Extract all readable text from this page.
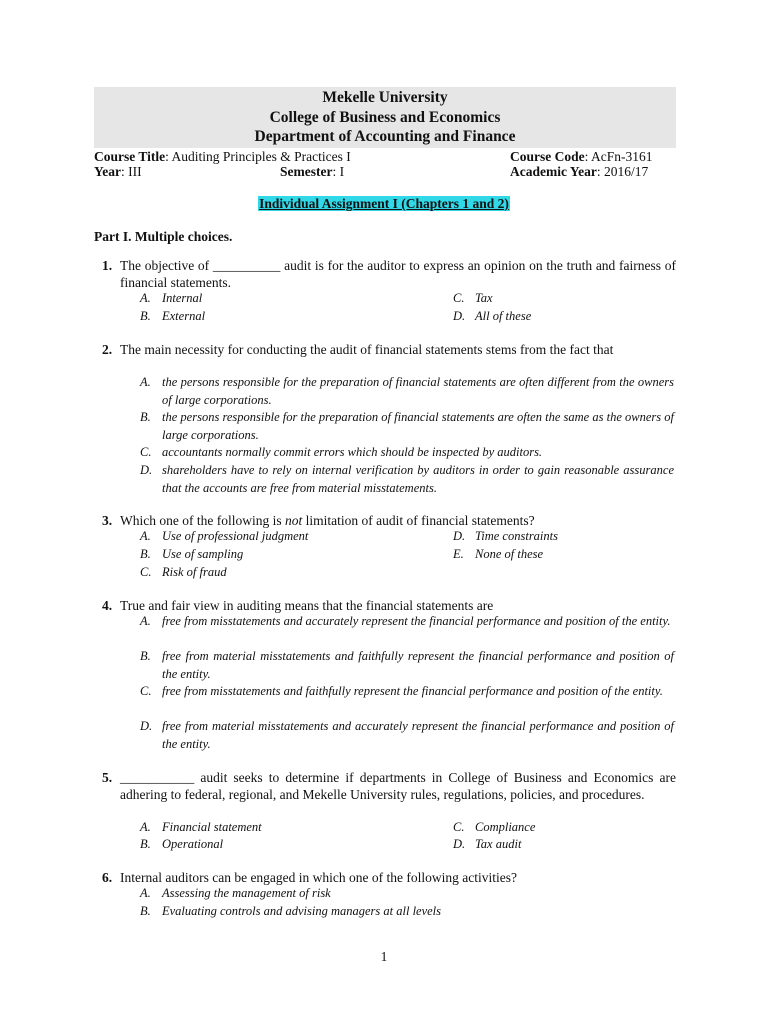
Mekelle University
College of Business and Economics
Department of Accounting and Finance
Course Title: Auditing Principles & Practices I	Course Code: AcFn-3161
Year: III	Semester: I	Academic Year: 2016/17
Individual Assignment I (Chapters 1 and 2)
Part I. Multiple choices.
1. The objective of __________ audit is for the auditor to express an opinion on the truth and fairness of financial statements.
A. Internal
B. External
C. Tax
D. All of these
2. The main necessity for conducting the audit of financial statements stems from the fact that
A. the persons responsible for the preparation of financial statements are often different from the owners of large corporations.
B. the persons responsible for the preparation of financial statements are often the same as the owners of large corporations.
C. accountants normally commit errors which should be inspected by auditors.
D. shareholders have to rely on internal verification by auditors in order to gain reasonable assurance that the accounts are free from material misstatements.
3. Which one of the following is not limitation of audit of financial statements?
A. Use of professional judgment
B. Use of sampling
C. Risk of fraud
D. Time constraints
E. None of these
4. True and fair view in auditing means that the financial statements are
A. free from misstatements and accurately represent the financial performance and position of the entity.
B. free from material misstatements and faithfully represent the financial performance and position of the entity.
C. free from misstatements and faithfully represent the financial performance and position of the entity.
D. free from material misstatements and accurately represent the financial performance and position of the entity.
5. ___________ audit seeks to determine if departments in College of Business and Economics are adhering to federal, regional, and Mekelle University rules, regulations, policies, and procedures.
A. Financial statement
B. Operational
C. Compliance
D. Tax audit
6. Internal auditors can be engaged in which one of the following activities?
A. Assessing the management of risk
B. Evaluating controls and advising managers at all levels
1
